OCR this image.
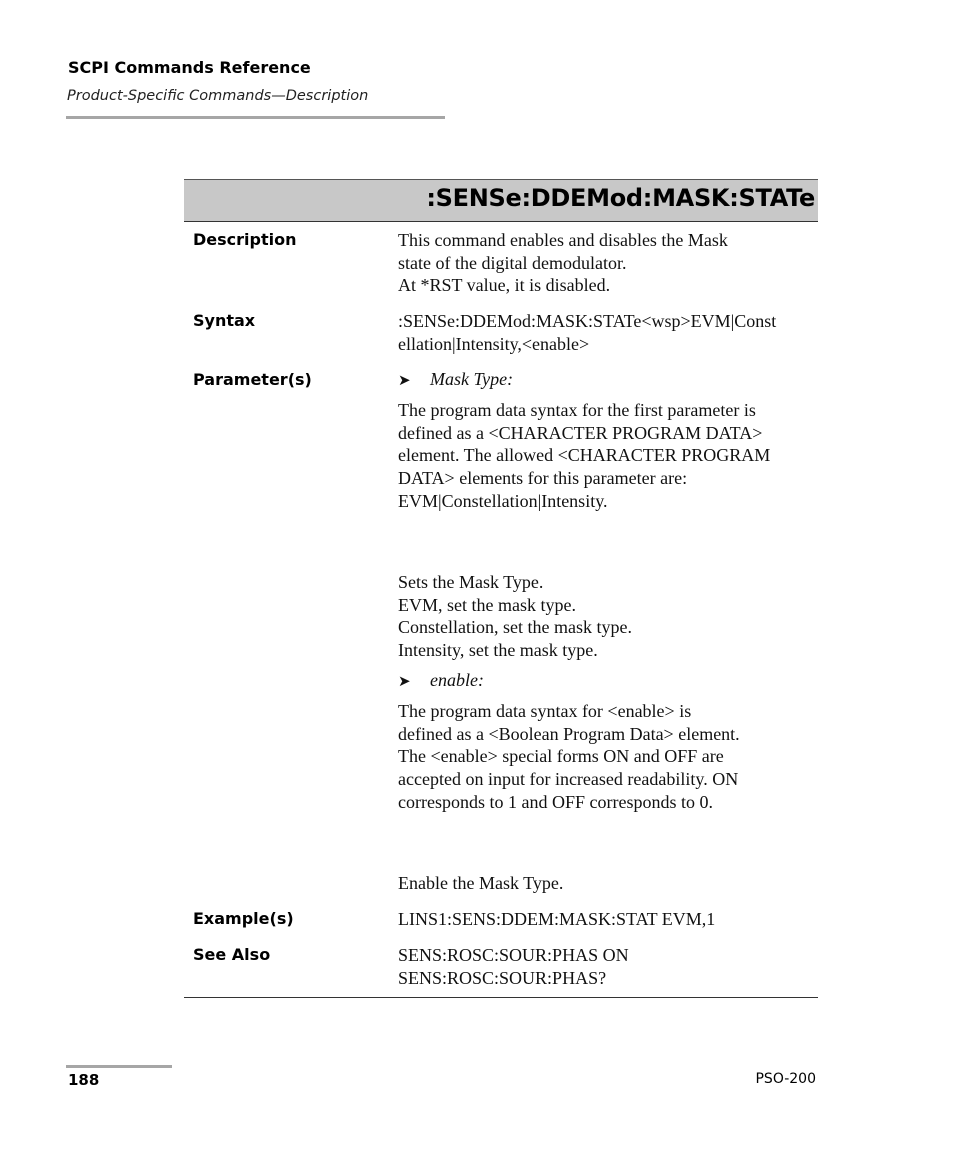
SCPI Commands Reference
Product-Specific Commands—Description
:SENSe:DDEMod:MASK:STATe
Description	This command enables and disables the Mask
state of the digital demodulator.
At *RST value, it is disabled.
Syntax	:SENSe:DDEMod:MASK:STATe<wsp>EVM|Const
ellation|Intensity,<enable>
Parameter(s)	➤ Mask Type:
The program data syntax for the first parameter is
defined as a <CHARACTER PROGRAM DATA>
element. The allowed <CHARACTER PROGRAM
DATA> elements for this parameter are:
EVM|Constellation|Intensity.
Sets the Mask Type.
EVM, set the mask type.
Constellation, set the mask type.
Intensity, set the mask type.
➤ enable:
The program data syntax for <enable> is
defined as a <Boolean Program Data> element.
The <enable> special forms ON and OFF are
accepted on input for increased readability. ON
corresponds to 1 and OFF corresponds to 0.
Enable the Mask Type.
Example(s)	LINS1:SENS:DDEM:MASK:STAT EVM,1
See Also	SENS:ROSC:SOUR:PHAS ON
SENS:ROSC:SOUR:PHAS?
188	PSO-200
